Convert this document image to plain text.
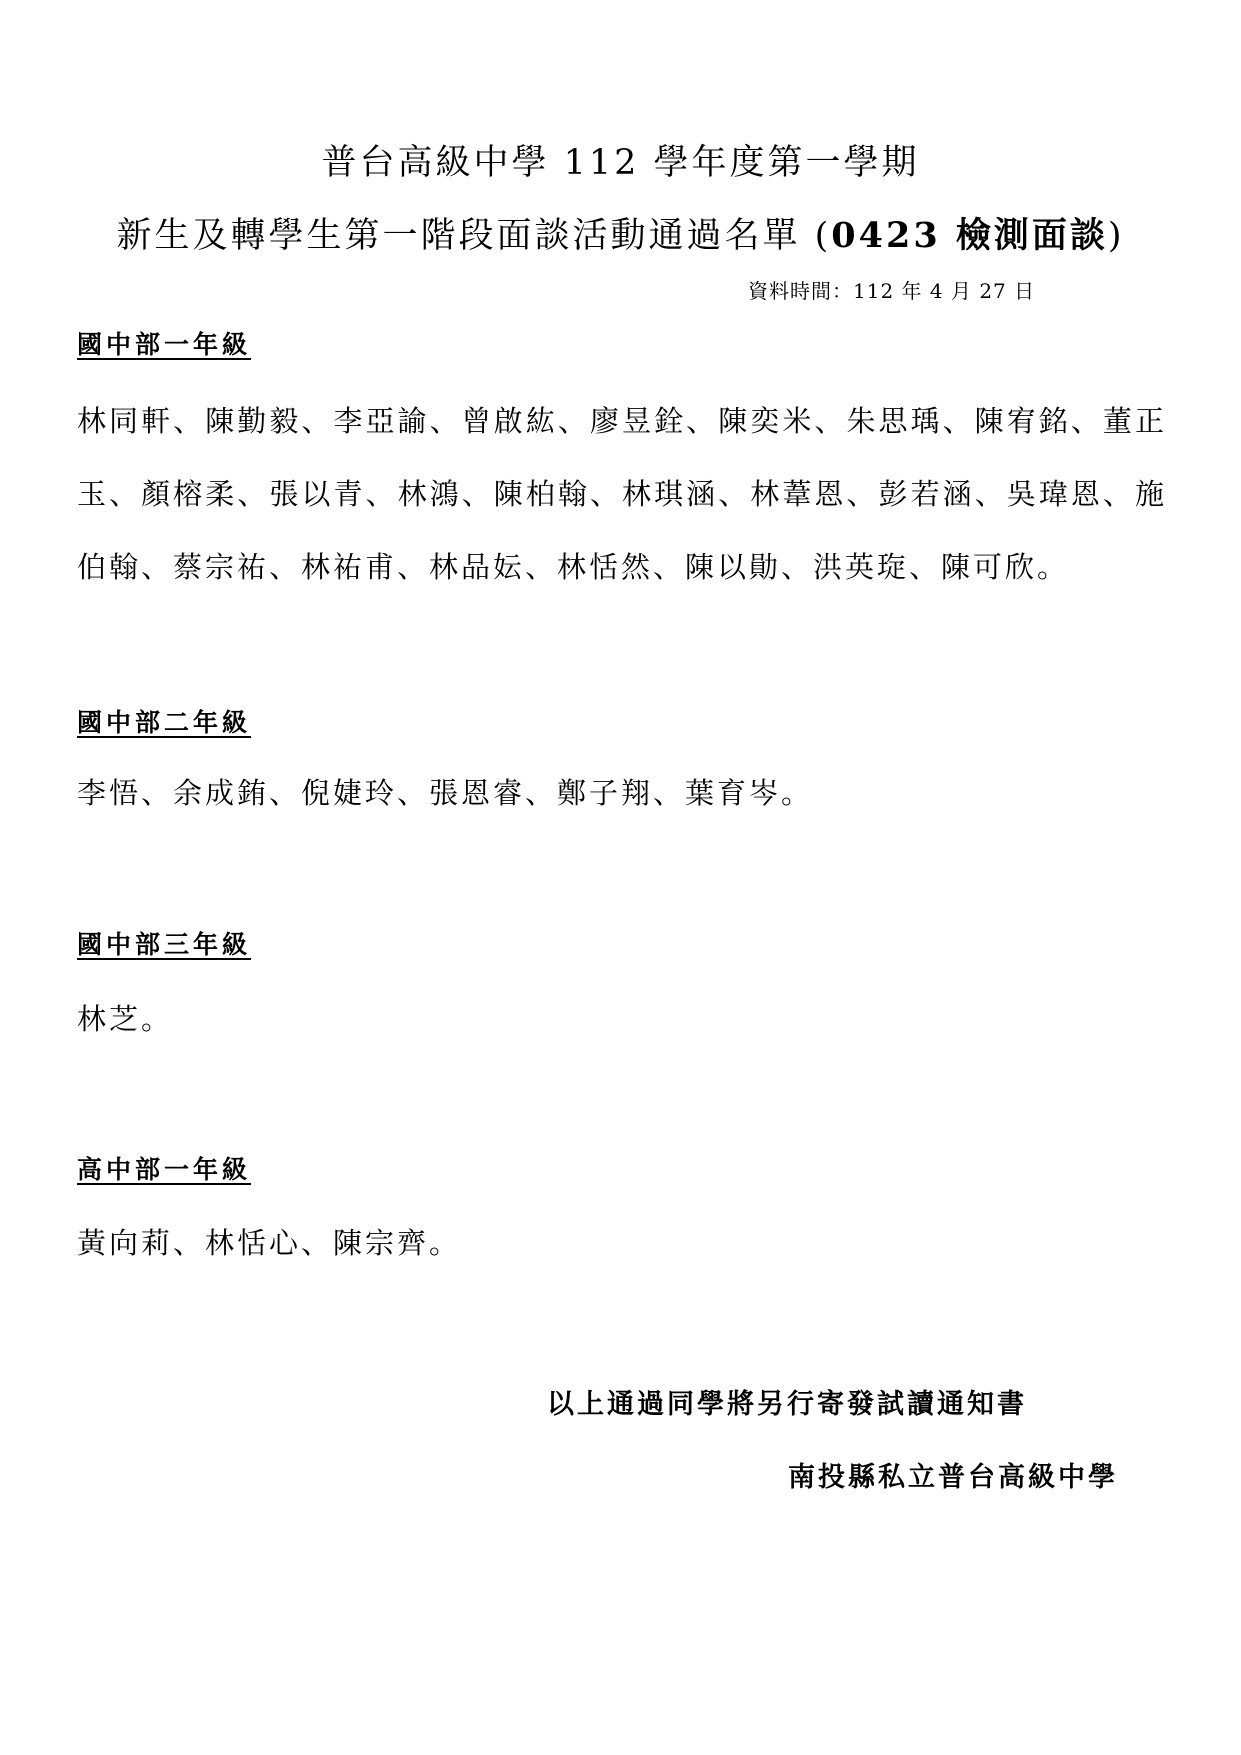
普台高級中學 112 學年度第一學期
新生及轉學生第一階段面談活動通過名單 (0423 檢測面談)
資料時間：112 年 4 月 27 日
國中部一年級
林同軒、陳勤毅、李亞諭、曾啟紘、廖昱銓、陳奕米、朱思瑀、陳宥銘、董正玉、顏榕柔、張以青、林鴻、陳柏翰、林琪涵、林葦恩、彭若涵、吳瑋恩、施伯翰、蔡宗祐、林祐甫、林品妘、林恬然、陳以勛、洪英琁、陳可欣。
國中部二年級
李悟、余成銪、倪婕玲、張恩睿、鄭子翔、葉育岑。
國中部三年級
林芝。
高中部一年級
黃向莉、林恬心、陳宗齊。
以上通過同學將另行寄發試讀通知書
南投縣私立普台高級中學
